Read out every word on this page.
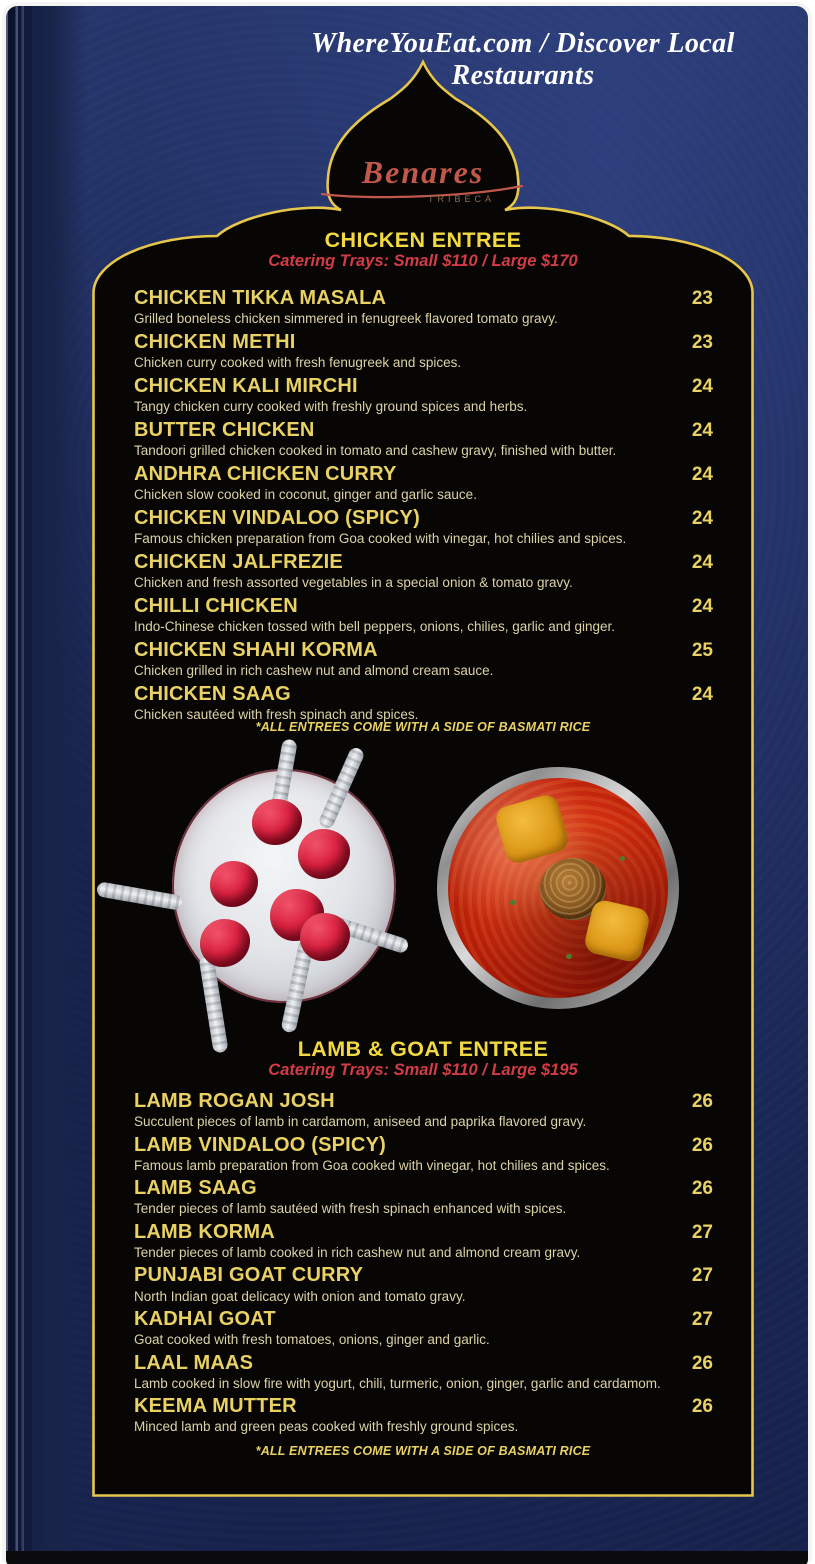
WhereYouEat.com / Discover Local Restaurants
Benares
TRIBECA
CHICKEN ENTREE
Catering Trays: Small $110 / Large $170
CHICKEN TIKKA MASALA
Grilled boneless chicken simmered in fenugreek flavored tomato gravy.
23
CHICKEN METHI
Chicken curry cooked with fresh fenugreek and spices.
23
CHICKEN KALI MIRCHI
Tangy chicken curry cooked with freshly ground spices and herbs.
24
BUTTER CHICKEN
Tandoori grilled chicken cooked in tomato and cashew gravy, finished with butter.
24
ANDHRA CHICKEN CURRY
Chicken slow cooked in coconut, ginger and garlic sauce.
24
CHICKEN VINDALOO (SPICY)
Famous chicken preparation from Goa cooked with vinegar, hot chilies and spices.
24
CHICKEN JALFREZIE
Chicken and fresh assorted vegetables in a special onion & tomato gravy.
24
CHILLI CHICKEN
Indo-Chinese chicken tossed with bell peppers, onions, chilies, garlic and ginger.
24
CHICKEN SHAHI KORMA
Chicken grilled in rich cashew nut and almond cream sauce.
25
CHICKEN SAAG
Chicken sautéed with fresh spinach and spices.
24
*ALL ENTREES COME WITH A SIDE OF BASMATI RICE
LAMB & GOAT ENTREE
Catering Trays: Small $110 / Large $195
LAMB ROGAN JOSH
Succulent pieces of lamb in cardamom, aniseed and paprika flavored gravy.
26
LAMB VINDALOO (SPICY)
Famous lamb preparation from Goa cooked with vinegar, hot chilies and spices.
26
LAMB SAAG
Tender pieces of lamb sautéed with fresh spinach enhanced with spices.
26
LAMB KORMA
Tender pieces of lamb cooked in rich cashew nut and almond cream gravy.
27
PUNJABI GOAT CURRY
North Indian goat delicacy with onion and tomato gravy.
27
KADHAI GOAT
Goat cooked with fresh tomatoes, onions, ginger and garlic.
27
LAAL MAAS
Lamb cooked in slow fire with yogurt, chili, turmeric, onion, ginger, garlic and cardamom.
26
KEEMA MUTTER
Minced lamb and green peas cooked with freshly ground spices.
26
*ALL ENTREES COME WITH A SIDE OF BASMATI RICE
